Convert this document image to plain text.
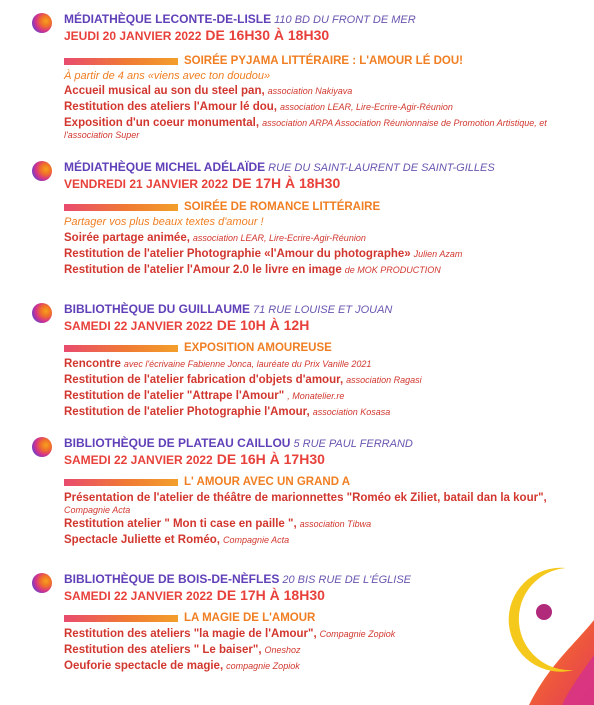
MÉDIATHÈQUE LECONTE-DE-LISLE 110 BD DU FRONT DE MER
JEUDI 20 JANVIER 2022 DE 16H30 À 18H30
SOIRÉE PYJAMA LITTÉRAIRE : L'AMOUR LÉ DOU!
À partir de 4 ans «viens avec ton doudou»
Accueil musical au son du steel pan, association Nakiyava
Restitution des ateliers l'Amour lé dou, association LEAR, Lire-Ecrire-Agir-Réunion
Exposition d'un coeur monumental, association ARPA Association Réunionnaise de Promotion Artistique, et l'association Super
MÉDIATHÈQUE MICHEL ADÉLAÏDE RUE DU SAINT-LAURENT DE SAINT-GILLES
VENDREDI 21 JANVIER 2022 DE 17H À 18H30
SOIRÉE DE ROMANCE LITTÉRAIRE
Partager vos plus beaux textes d'amour !
Soirée partage animée, association LEAR, Lire-Ecrire-Agir-Réunion
Restitution de l'atelier Photographie «l'Amour du photographe» Julien Azam
Restitution de l'atelier l'Amour 2.0 le livre en image de MOK PRODUCTION
BIBLIOTHÈQUE DU GUILLAUME 71 RUE LOUISE ET JOUAN
SAMEDI 22 JANVIER 2022 DE 10H À 12H
EXPOSITION AMOUREUSE
Rencontre avec l'écrivaine Fabienne Jonca, lauréate du Prix Vanille 2021
Restitution de l'atelier fabrication d'objets d'amour, association Ragasi
Restitution de l'atelier "Attrape l'Amour" , Monatelier.re
Restitution de l'atelier Photographie l'Amour, association Kosasa
BIBLIOTHÈQUE DE PLATEAU CAILLOU 5 RUE PAUL FERRAND
SAMEDI 22 JANVIER 2022 DE 16H À 17H30
L' AMOUR AVEC UN GRAND A
Présentation de l'atelier de théâtre de marionnettes "Roméo ek Ziliet, batail dan la kour",
Compagnie Acta
Restitution atelier " Mon ti case en paille ", association Tibwa
Spectacle Juliette et Roméo, Compagnie Acta
BIBLIOTHÈQUE DE BOIS-DE-NÈFLES 20 BIS RUE DE L'ÉGLISE
SAMEDI 22 JANVIER 2022 DE 17H À 18H30
LA MAGIE DE L'AMOUR
Restitution des ateliers "la magie de l'Amour", Compagnie Zopiok
Restitution des ateliers " Le baiser", Oneshoz
Oeuforie spectacle de magie, compagnie Zopiok
